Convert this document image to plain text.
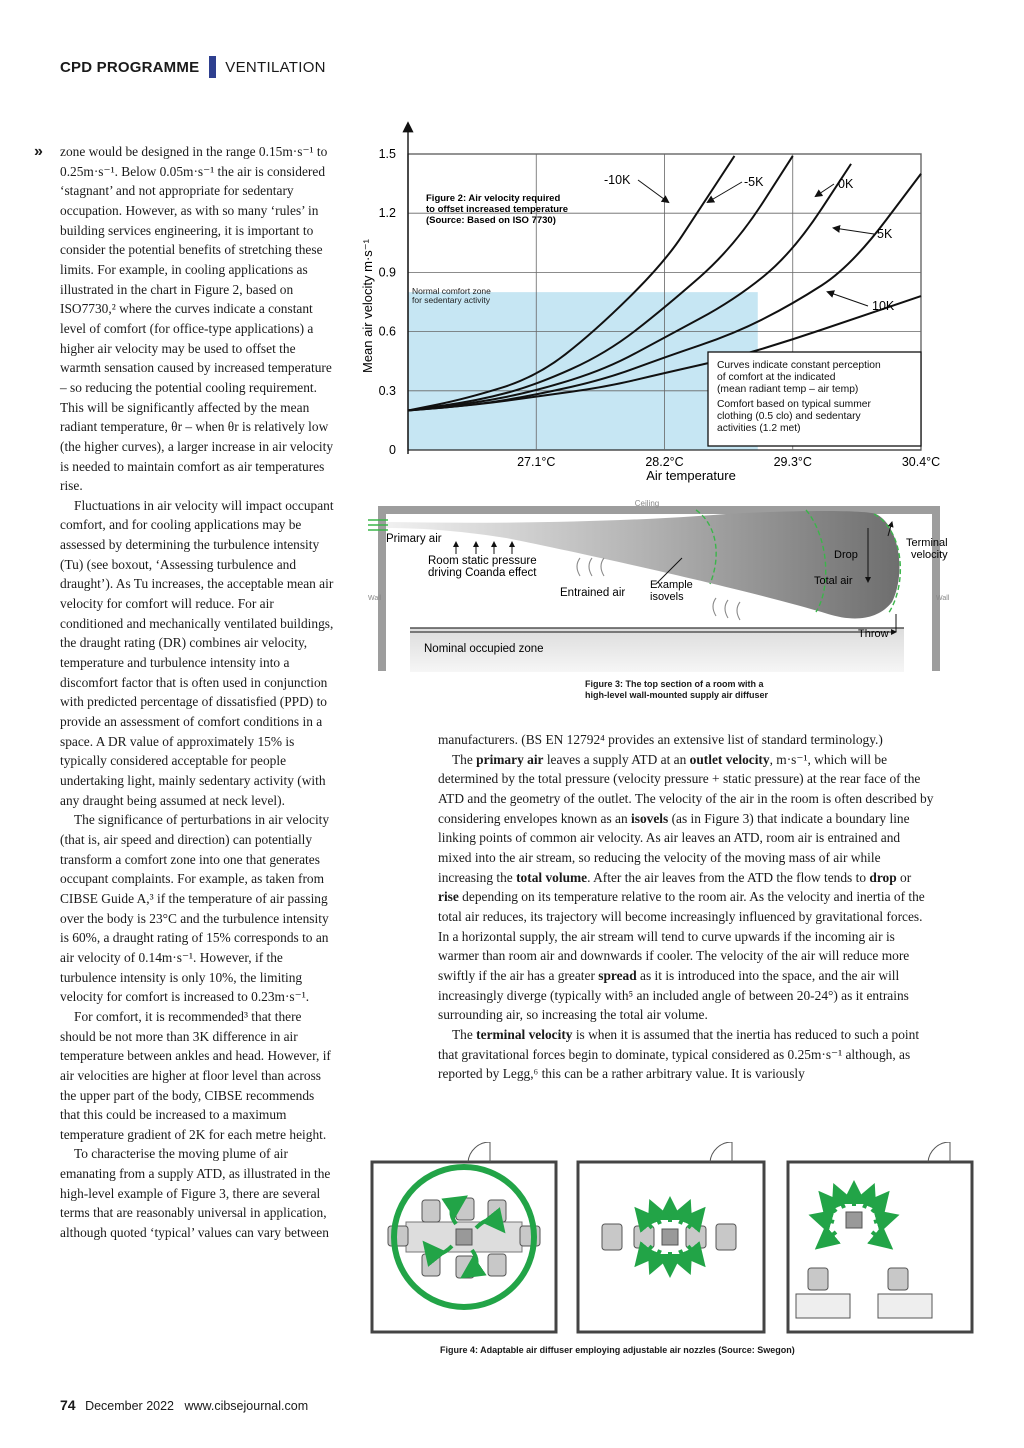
CPD PROGRAMME VENTILATION
» zone would be designed in the range 0.15m·s⁻¹ to 0.25m·s⁻¹. Below 0.05m·s⁻¹ the air is considered ‘stagnant’ and not appropriate for sedentary occupation. However, as with so many ‘rules’ in building services engineering, it is important to consider the potential benefits of stretching these limits. For example, in cooling applications as illustrated in the chart in Figure 2, based on ISO7730,² where the curves indicate a constant level of comfort (for office-type applications) a higher air velocity may be used to offset the warmth sensation caused by increased temperature – so reducing the potential cooling requirement. This will be significantly affected by the mean radiant temperature, θr – when θr is relatively low (the higher curves), a larger increase in air velocity is needed to maintain comfort as air temperatures rise.

Fluctuations in air velocity will impact occupant comfort, and for cooling applications may be assessed by determining the turbulence intensity (Tu) (see boxout, ‘Assessing turbulence and draught’). As Tu increases, the acceptable mean air velocity for comfort will reduce. For air conditioned and mechanically ventilated buildings, the draught rating (DR) combines air velocity, temperature and turbulence intensity into a discomfort factor that is often used in conjunction with predicted percentage of dissatisfied (PPD) to provide an assessment of comfort conditions in a space. A DR value of approximately 15% is typically considered acceptable for people undertaking light, mainly sedentary activity (with any draught being assumed at neck level).

The significance of perturbations in air velocity (that is, air speed and direction) can potentially transform a comfort zone into one that generates occupant complaints. For example, as taken from CIBSE Guide A,³ if the temperature of air passing over the body is 23°C and the turbulence intensity is 60%, a draught rating of 15% corresponds to an air velocity of 0.14m·s⁻¹. However, if the turbulence intensity is only 10%, the limiting velocity for comfort is increased to 0.23m·s⁻¹.

For comfort, it is recommended³ that there should be not more than 3K difference in air temperature between ankles and head. However, if air velocities are higher at floor level than across the upper part of the body, CIBSE recommends that this could be increased to a maximum temperature gradient of 2K for each metre height.

To characterise the moving plume of air emanating from a supply ATD, as illustrated in the high-level example of Figure 3, there are several terms that are reasonably universal in application, although quoted ‘typical’ values can vary between

27.1°C	28.2°C	29.3°C	30.4°C
0
0.3
0.6
0.9
1.2
1.5
-10K	-5K	0K
5K
10K
Mean air velocity m·s⁻¹
Air temperature
Figure 2: Air velocity required to offset increased temperature (Source: Based on ISO 7730)
Normal comfort zone for sedentary activity
Curves indicate constant perception of comfort at the indicated (mean radiant temp – air temp) Comfort based on typical summer clothing (0.5 clo) and sedentary activities (1.2 met)
Ceiling
Wall	Wall
Primary air
Room static pressure driving Coanda effect
Entrained air
Example isovels
Drop
Total air
Terminal velocity
Throw
Nominal occupied zone
Figure 3: The top section of a room with a
high-level wall-mounted supply air diffuser

manufacturers. (BS EN 12792⁴ provides an extensive list of standard terminology.)

The primary air leaves a supply ATD at an outlet velocity, m·s⁻¹, which will be determined by the total pressure (velocity pressure + static pressure) at the rear face of the ATD and the geometry of the outlet. The velocity of the air in the room is often described by considering envelopes known as an isovels (as in Figure 3) that indicate a boundary line linking points of common air velocity. As air leaves an ATD, room air is entrained and mixed into the air stream, so reducing the velocity of the moving mass of air while increasing the total volume. After the air leaves from the ATD the flow tends to drop or rise depending on its temperature relative to the room air. As the velocity and inertia of the total air reduces, its trajectory will become increasingly influenced by gravitational forces. In a horizontal supply, the air stream will tend to curve upwards if the incoming air is warmer than room air and downwards if cooler. The velocity of the air will reduce more swiftly if the air has a greater spread as it is introduced into the space, and the air will increasingly diverge (typically with⁵ an included angle of between 20-24°) as it entrains surrounding air, so increasing the total air volume.

The terminal velocity is when it is assumed that the inertia has reduced to such a point that gravitational forces begin to dominate, typical considered as 0.25m·s⁻¹ although, as reported by Legg,⁶ this can be a rather arbitrary value. It is variously

Figure 4: Adaptable air diffuser employing adjustable air nozzles (Source: Swegon)
74 December 2022 www.cibsejournal.com
